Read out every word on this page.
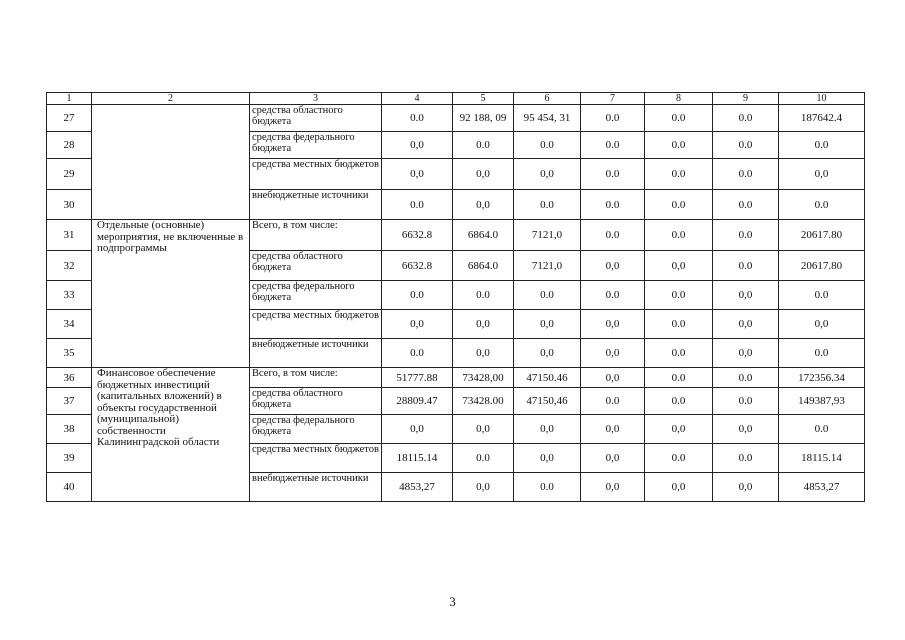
1	2	3	4	5	6	7	8	9	10
27		средства областного бюджета	0.0	92 188, 09	95 454, 31	0.0	0.0	0.0	187642.4
28		средства федерального бюджета	0,0	0.0	0.0	0.0	0.0	0.0	0.0
29		средства местных бюджетов	0,0	0,0	0,0	0.0	0.0	0.0	0,0
30		внебюджетные источники	0.0	0,0	0.0	0.0	0.0	0.0	0.0
31	Отдельные (основные) мероприятия, не включенные в подпрограммы	Всего, в том числе:	6632.8	6864.0	7121,0	0.0	0.0	0.0	20617.80
32		средства областного бюджета	6632.8	6864.0	7121,0	0,0	0,0	0.0	20617.80
33		средства федерального бюджета	0.0	0.0	0.0	0.0	0.0	0,0	0.0
34		средства местных бюджетов	0,0	0,0	0,0	0,0	0.0	0,0	0,0
35		внебюджетные источники	0.0	0,0	0,0	0,0	0.0	0,0	0.0
36	Финансовое обеспечение бюджетных инвестиций (капитальных вложений) в объекты государственной (муниципальной) собственности Калининградской области	Всего, в том числе:	51777.88	73428,00	47150.46	0,0	0.0	0.0	172356.34
37		средства областного бюджета	28809.47	73428.00	47150,46	0.0	0.0	0.0	149387,93
38		средства федерального бюджета	0,0	0,0	0,0	0,0	0,0	0,0	0.0
39		средства местных бюджетов	18115.14	0.0	0,0	0,0	0.0	0.0	18115.14
40		внебюджетные источники	4853,27	0,0	0.0	0,0	0,0	0,0	4853,27
3
